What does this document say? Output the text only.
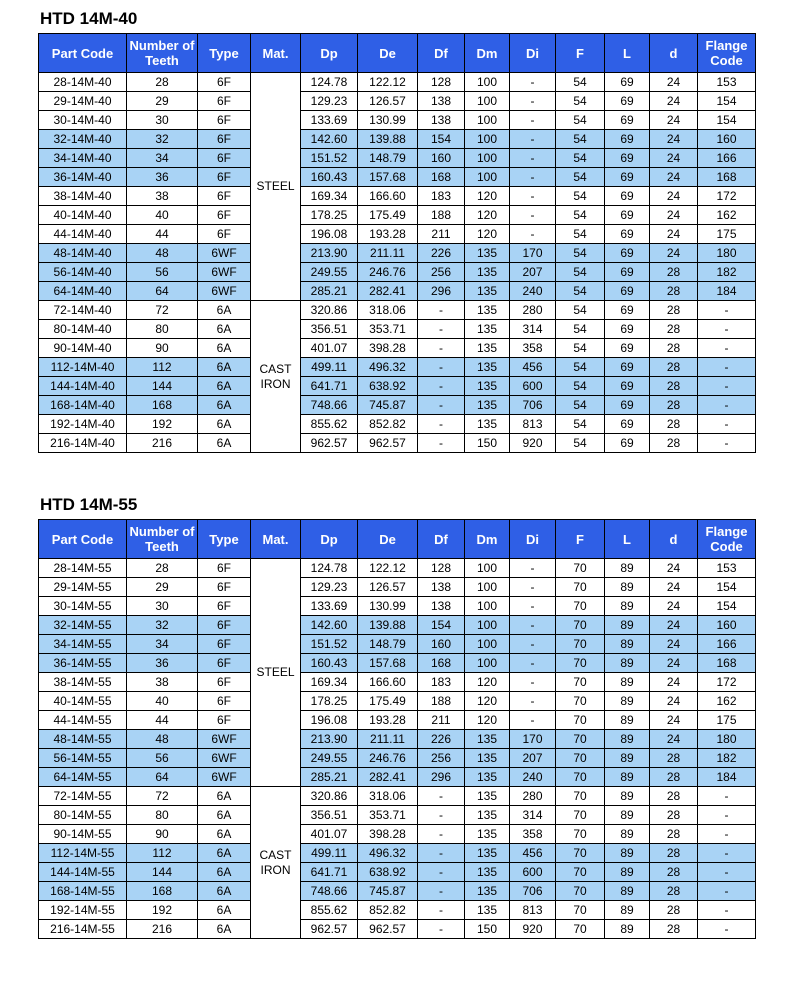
HTD 14M-40
Part Code	Number of Teeth	Type	Mat.	Dp	De	Df	Dm	Di	F	L	d	Flange Code
28-14M-40	28	6F	STEEL	124.78	122.12	128	100	-	54	69	24	153
29-14M-40	29	6F		129.23	126.57	138	100	-	54	69	24	154
30-14M-40	30	6F		133.69	130.99	138	100	-	54	69	24	154
32-14M-40	32	6F		142.60	139.88	154	100	-	54	69	24	160
34-14M-40	34	6F		151.52	148.79	160	100	-	54	69	24	166
36-14M-40	36	6F		160.43	157.68	168	100	-	54	69	24	168
38-14M-40	38	6F		169.34	166.60	183	120	-	54	69	24	172
40-14M-40	40	6F		178.25	175.49	188	120	-	54	69	24	162
44-14M-40	44	6F		196.08	193.28	211	120	-	54	69	24	175
48-14M-40	48	6WF		213.90	211.11	226	135	170	54	69	24	180
56-14M-40	56	6WF		249.55	246.76	256	135	207	54	69	28	182
64-14M-40	64	6WF		285.21	282.41	296	135	240	54	69	28	184
72-14M-40	72	6A	CAST IRON	320.86	318.06	-	135	280	54	69	28	-
80-14M-40	80	6A		356.51	353.71	-	135	314	54	69	28	-
90-14M-40	90	6A		401.07	398.28	-	135	358	54	69	28	-
112-14M-40	112	6A		499.11	496.32	-	135	456	54	69	28	-
144-14M-40	144	6A		641.71	638.92	-	135	600	54	69	28	-
168-14M-40	168	6A		748.66	745.87	-	135	706	54	69	28	-
192-14M-40	192	6A		855.62	852.82	-	135	813	54	69	28	-
216-14M-40	216	6A		962.57	962.57	-	150	920	54	69	28	-
HTD 14M-55
Part Code	Number of Teeth	Type	Mat.	Dp	De	Df	Dm	Di	F	L	d	Flange Code
28-14M-55	28	6F	STEEL	124.78	122.12	128	100	-	70	89	24	153
29-14M-55	29	6F		129.23	126.57	138	100	-	70	89	24	154
30-14M-55	30	6F		133.69	130.99	138	100	-	70	89	24	154
32-14M-55	32	6F		142.60	139.88	154	100	-	70	89	24	160
34-14M-55	34	6F		151.52	148.79	160	100	-	70	89	24	166
36-14M-55	36	6F		160.43	157.68	168	100	-	70	89	24	168
38-14M-55	38	6F		169.34	166.60	183	120	-	70	89	24	172
40-14M-55	40	6F		178.25	175.49	188	120	-	70	89	24	162
44-14M-55	44	6F		196.08	193.28	211	120	-	70	89	24	175
48-14M-55	48	6WF		213.90	211.11	226	135	170	70	89	24	180
56-14M-55	56	6WF		249.55	246.76	256	135	207	70	89	28	182
64-14M-55	64	6WF		285.21	282.41	296	135	240	70	89	28	184
72-14M-55	72	6A	CAST IRON	320.86	318.06	-	135	280	70	89	28	-
80-14M-55	80	6A		356.51	353.71	-	135	314	70	89	28	-
90-14M-55	90	6A		401.07	398.28	-	135	358	70	89	28	-
112-14M-55	112	6A		499.11	496.32	-	135	456	70	89	28	-
144-14M-55	144	6A		641.71	638.92	-	135	600	70	89	28	-
168-14M-55	168	6A		748.66	745.87	-	135	706	70	89	28	-
192-14M-55	192	6A		855.62	852.82	-	135	813	70	89	28	-
216-14M-55	216	6A		962.57	962.57	-	150	920	70	89	28	-
